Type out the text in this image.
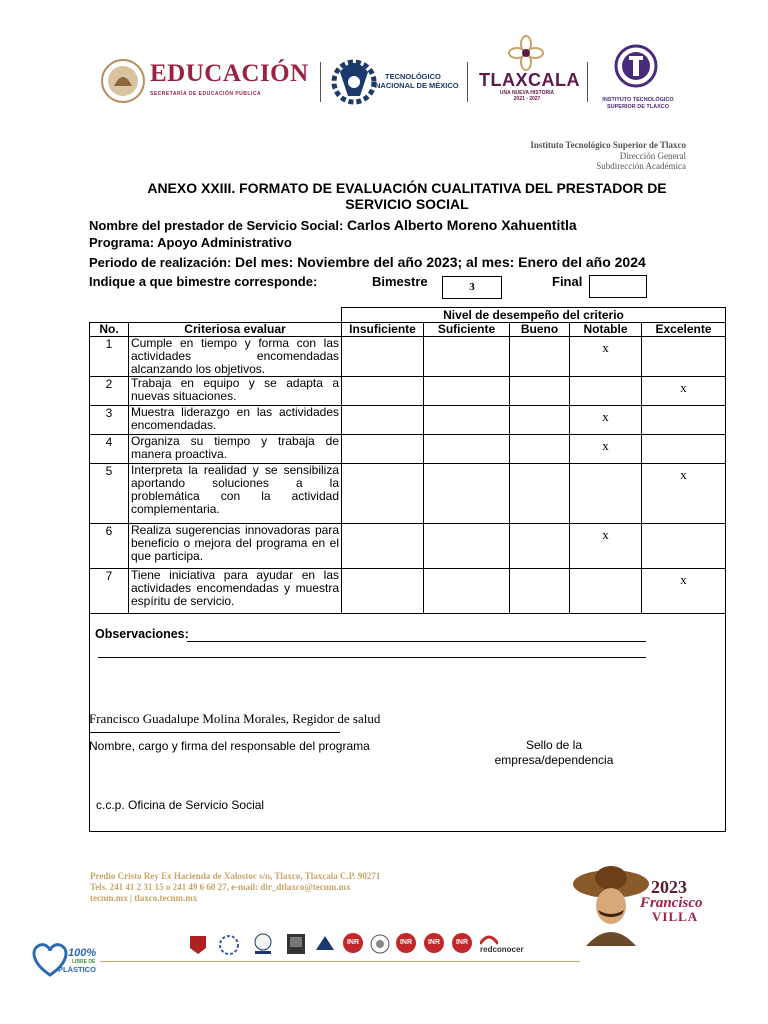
EDUCACIÓN
SECRETARÍA DE EDUCACIÓN PÚBLICA
TECNOLÓGICO
NACIONAL DE MÉXICO TLAXCALA
UNA NUEVA HISTORIA
2021 - 2027	INSTITUTO TECNOLÓGICO
SUPERIOR DE TLAXCO
Instituto Tecnológico Superior de Tlaxco
Dirección General
Subdirección Académica
ANEXO XXIII. FORMATO DE EVALUACIÓN CUALITATIVA DEL PRESTADOR DE
SERVICIO SOCIAL
Nombre del prestador de Servicio Social: Carlos Alberto Moreno Xahuentitla
Programa: Apoyo Administrativo
Periodo de realización: Del mes: Noviembre del año 2023; al mes: Enero del año 2024
Indique a que bimestre corresponde:	Bimestre	3	Final
		Nivel de desempeño del criterio				
No.	Criteriosa evaluar	Insuficiente	Suficiente	Bueno	Notable	Excelente
1	Cumple en tiempo y forma con las actividades encomendadas alcanzando los objetivos.				x	
2	Trabaja en equipo y se adapta a nuevas situaciones.					x
3	Muestra liderazgo en las actividades encomendadas.				x	
4	Organiza su tiempo y trabaja de manera proactiva.				x	
5	Interpreta la realidad y se sensibiliza aportando soluciones a la problemática con la actividad complementaria.					x
6	Realiza sugerencias innovadoras para beneficio o mejora del programa en el que participa.				x	
7	Tiene iniciativa para ayudar en las actividades encomendadas y muestra espíritu de servicio.					x
Observaciones:
Francisco Guadalupe Molina Morales, Regidor de salud
Nombre, cargo y firma del responsable del programa	Sello de la
empresa/dependencia
c.c.p. Oficina de Servicio Social
Predio Cristo Rey Ex Hacienda de Xalostoc s/n, Tlaxco, Tlaxcala C.P. 90271
Tels. 241 41 2 31 15 o 241 49 6 60 27, e-mail: dir_dtlaxco@tecnm.mx
tecnm.mx | tlaxco.tecnm.mx
2023
Francisco
VILLA
100%
LIBRE DE
PLÁSTICO
INR	INR	INR	INR
redconocer
